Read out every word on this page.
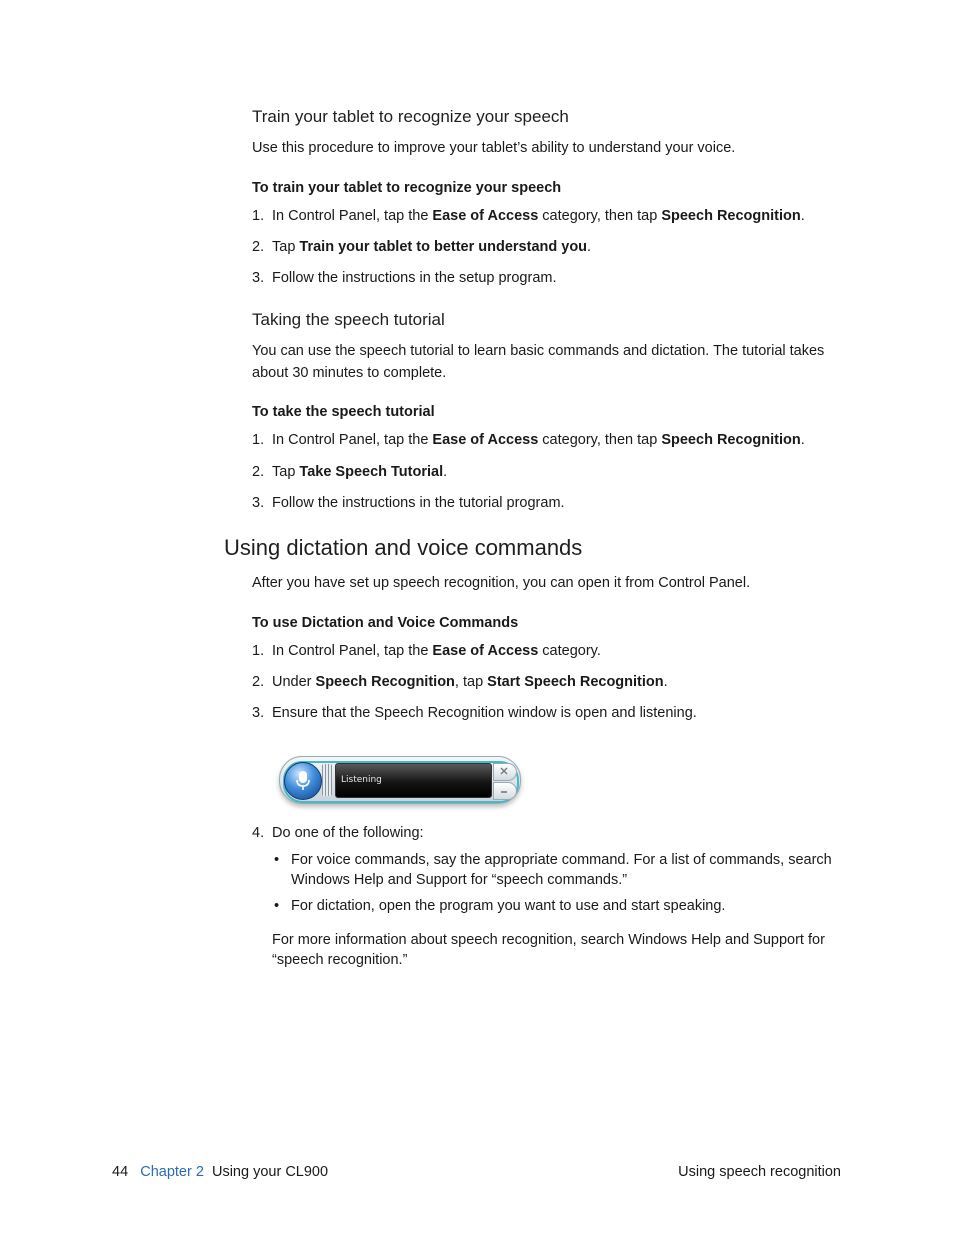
Train your tablet to recognize your speech
Use this procedure to improve your tablet’s ability to understand your voice.
To train your tablet to recognize your speech
1. In Control Panel, tap the Ease of Access category, then tap Speech Recognition.
2. Tap Train your tablet to better understand you.
3. Follow the instructions in the setup program.
Taking the speech tutorial
You can use the speech tutorial to learn basic commands and dictation. The tutorial takes
about 30 minutes to complete.
To take the speech tutorial
1. In Control Panel, tap the Ease of Access category, then tap Speech Recognition.
2. Tap Take Speech Tutorial.
3. Follow the instructions in the tutorial program.
Using dictation and voice commands
After you have set up speech recognition, you can open it from Control Panel.
To use Dictation and Voice Commands
1. In Control Panel, tap the Ease of Access category.
2. Under Speech Recognition, tap Start Speech Recognition.
3. Ensure that the Speech Recognition window is open and listening.
Listening
4. Do one of the following:
• For voice commands, say the appropriate command. For a list of commands, search
Windows Help and Support for “speech commands.”
• For dictation, open the program you want to use and start speaking.
For more information about speech recognition, search Windows Help and Support for
“speech recognition.”
44 Chapter 2 Using your CL900	Using speech recognition
